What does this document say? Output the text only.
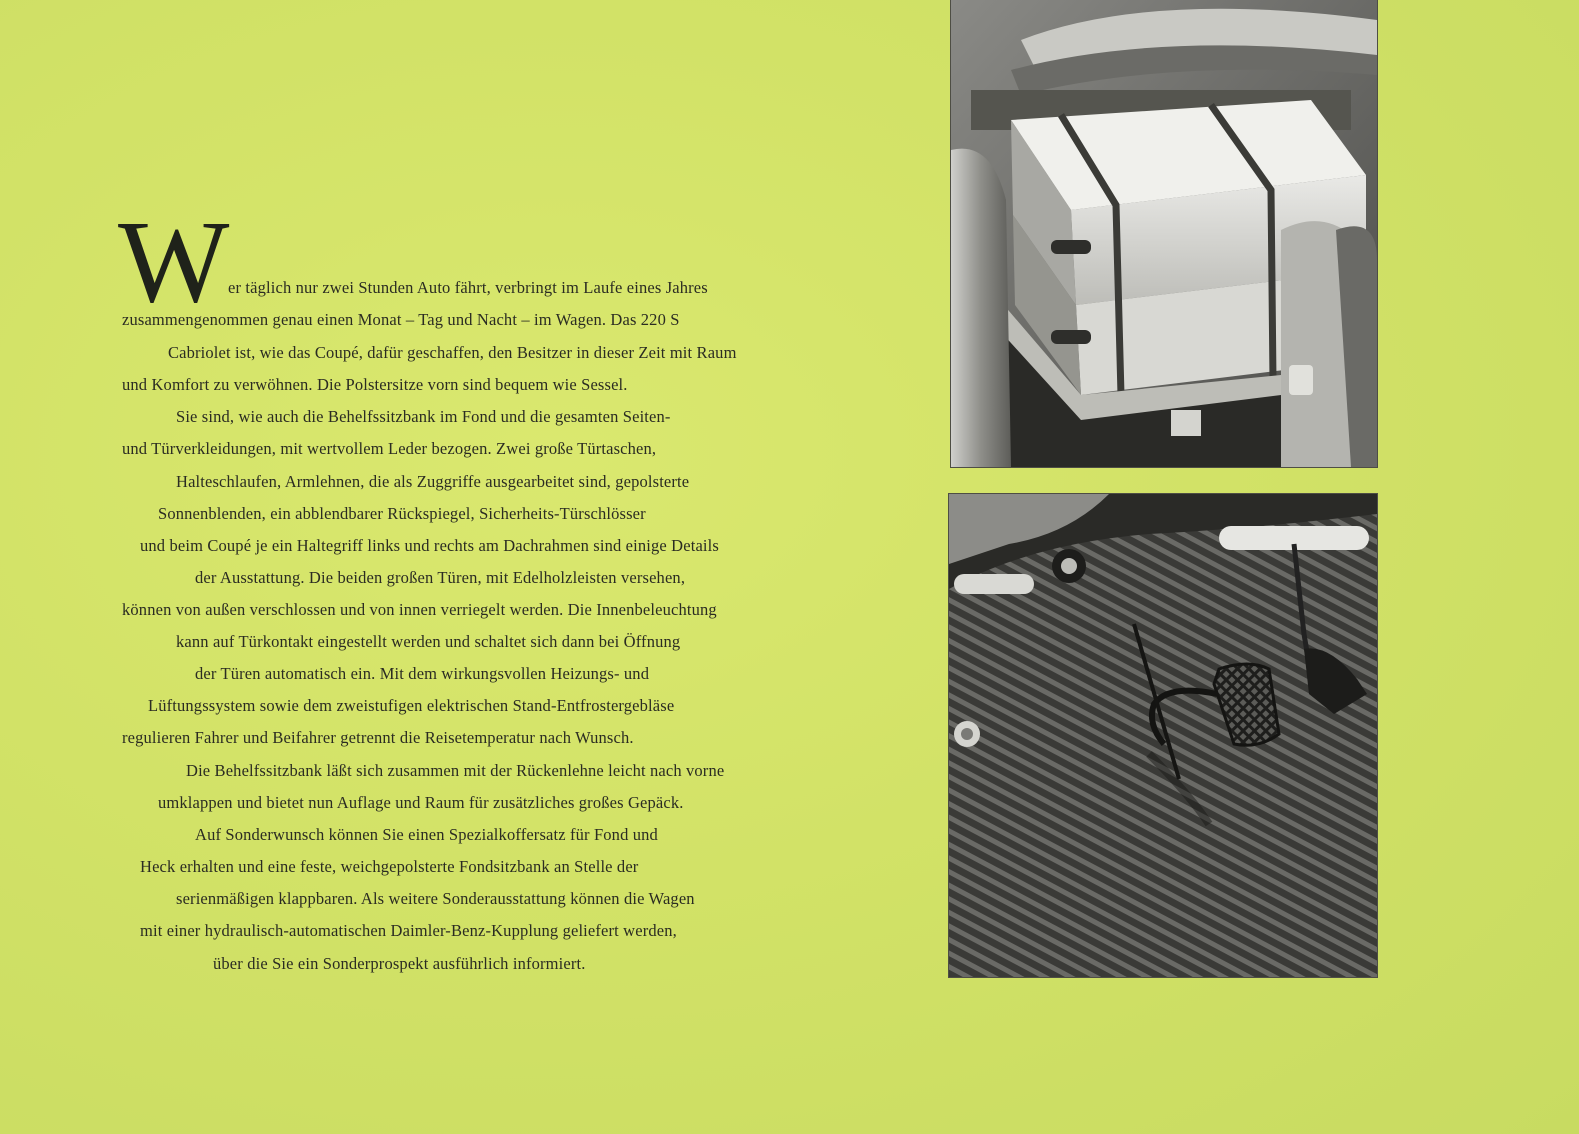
W er täglich nur zwei Stunden Auto fährt, verbringt im Laufe eines Jahres
zusammengenommen genau einen Monat – Tag und Nacht – im Wagen. Das 220 S
Cabriolet ist, wie das Coupé, dafür geschaffen, den Besitzer in dieser Zeit mit Raum
und Komfort zu verwöhnen. Die Polstersitze vorn sind bequem wie Sessel.
Sie sind, wie auch die Behelfssitzbank im Fond und die gesamten Seiten-
und Türverkleidungen, mit wertvollem Leder bezogen. Zwei große Türtaschen,
Halteschlaufen, Armlehnen, die als Zuggriffe ausgearbeitet sind, gepolsterte
Sonnenblenden, ein abblendbarer Rückspiegel, Sicherheits-Türschlösser
und beim Coupé je ein Haltegriff links und rechts am Dachrahmen sind einige Details
der Ausstattung. Die beiden großen Türen, mit Edelholzleisten versehen,
können von außen verschlossen und von innen verriegelt werden. Die Innenbeleuchtung
kann auf Türkontakt eingestellt werden und schaltet sich dann bei Öffnung
der Türen automatisch ein. Mit dem wirkungsvollen Heizungs- und
Lüftungssystem sowie dem zweistufigen elektrischen Stand-Entfrostergebläse
regulieren Fahrer und Beifahrer getrennt die Reisetemperatur nach Wunsch.
Die Behelfssitzbank läßt sich zusammen mit der Rückenlehne leicht nach vorne
umklappen und bietet nun Auflage und Raum für zusätzliches großes Gepäck.
Auf Sonderwunsch können Sie einen Spezialkoffersatz für Fond und
Heck erhalten und eine feste, weichgepolsterte Fondsitzbank an Stelle der
serienmäßigen klappbaren. Als weitere Sonderausstattung können die Wagen
mit einer hydraulisch-automatischen Daimler-Benz-Kupplung geliefert werden,
über die Sie ein Sonderprospekt ausführlich informiert.
